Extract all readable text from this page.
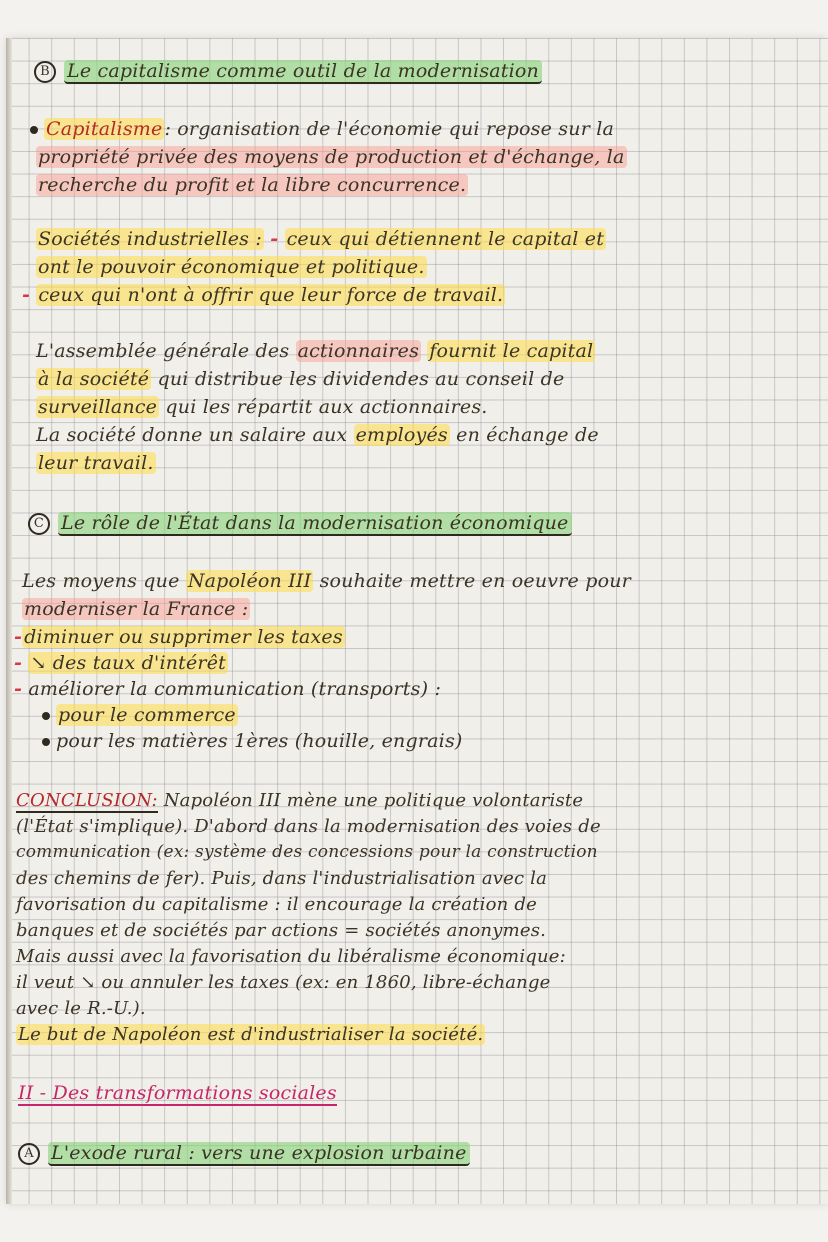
B Le capitalisme comme outil de la modernisation
Capitalisme : organisation de l'économie qui repose sur la
propriété privée des moyens de production et d'échange, la
recherche du profit et la libre concurrence.
Sociétés industrielles : - ceux qui détiennent le capital et
ont le pouvoir économique et politique.
- ceux qui n'ont à offrir que leur force de travail.
L'assemblée générale des actionnaires fournit le capital
à la société qui distribue les dividendes au conseil de
surveillance qui les répartit aux actionnaires.
La société donne un salaire aux employés en échange de
leur travail.
C Le rôle de l'État dans la modernisation économique
Les moyens que Napoléon III souhaite mettre en oeuvre pour
moderniser la France :
- diminuer ou supprimer les taxes
- ↘ des taux d'intérêt
- améliorer la communication (transports) :
pour le commerce
pour les matières 1ères (houille, engrais)
CONCLUSION: Napoléon III mène une politique volontariste
(l'État s'implique). D'abord dans la modernisation des voies de
communication (ex: système des concessions pour la construction
des chemins de fer). Puis, dans l'industrialisation avec la
favorisation du capitalisme : il encourage la création de
banques et de sociétés par actions = sociétés anonymes.
Mais aussi avec la favorisation du libéralisme économique:
il veut ↘ ou annuler les taxes (ex: en 1860, libre-échange
avec le R.-U.).
Le but de Napoléon est d'industrialiser la société.
II - Des transformations sociales
A L'exode rural : vers une explosion urbaine
